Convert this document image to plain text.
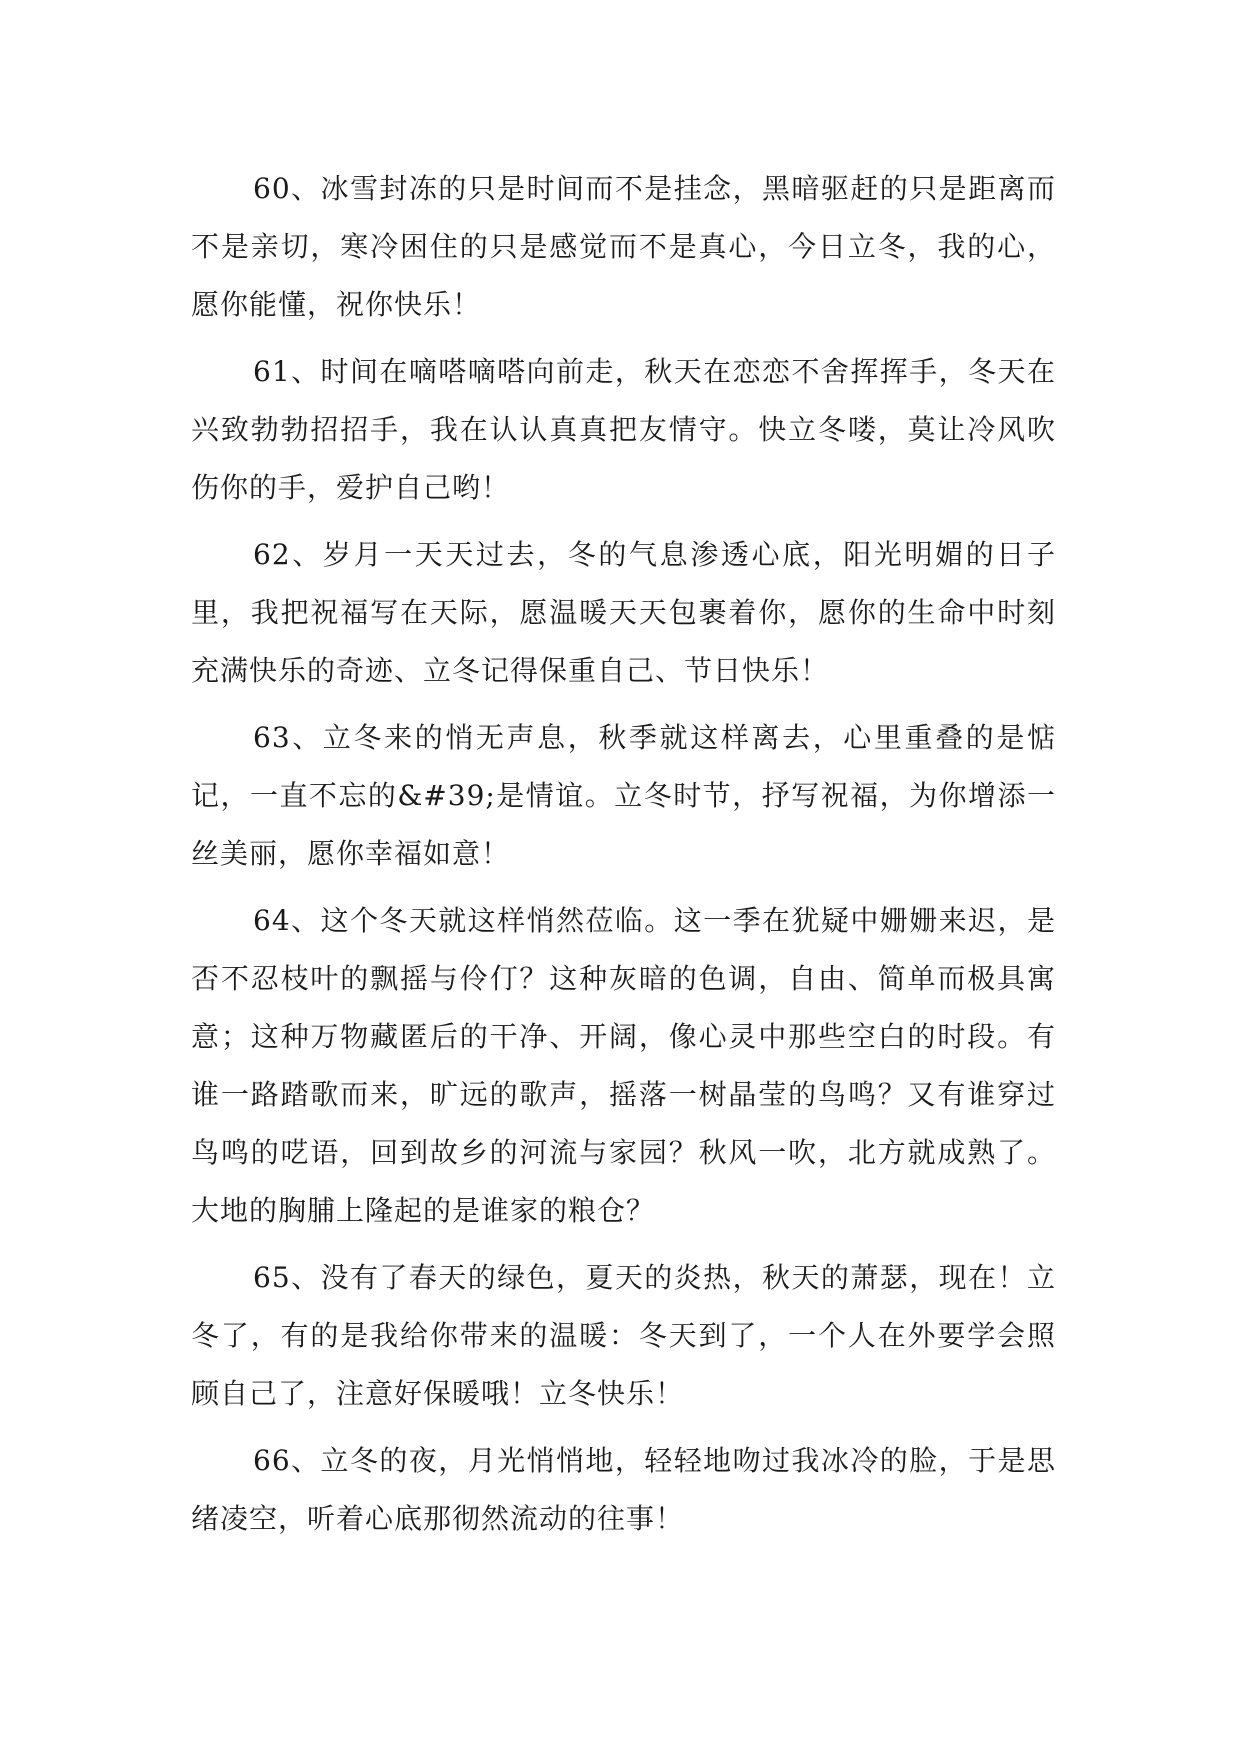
60、冰雪封冻的只是时间而不是挂念，黑暗驱赶的只是距离而不是亲切，寒冷困住的只是感觉而不是真心，今日立冬，我的心，愿你能懂，祝你快乐！

61、时间在嘀嗒嘀嗒向前走，秋天在恋恋不舍挥挥手，冬天在兴致勃勃招招手，我在认认真真把友情守。快立冬喽，莫让冷风吹伤你的手，爱护自己哟！

62、岁月一天天过去，冬的气息渗透心底，阳光明媚的日子里，我把祝福写在天际，愿温暖天天包裹着你，愿你的生命中时刻充满快乐的奇迹、立冬记得保重自己、节日快乐！

63、立冬来的悄无声息，秋季就这样离去，心里重叠的是惦记，一直不忘的&#39;是情谊。立冬时节，抒写祝福，为你增添一丝美丽，愿你幸福如意！

64、这个冬天就这样悄然莅临。这一季在犹疑中姗姗来迟，是否不忍枝叶的飘摇与伶仃？这种灰暗的色调，自由、简单而极具寓意；这种万物藏匿后的干净、开阔，像心灵中那些空白的时段。有谁一路踏歌而来，旷远的歌声，摇落一树晶莹的鸟鸣？又有谁穿过鸟鸣的呓语，回到故乡的河流与家园？秋风一吹，北方就成熟了。大地的胸脯上隆起的是谁家的粮仓？

65、没有了春天的绿色，夏天的炎热，秋天的萧瑟，现在！立冬了，有的是我给你带来的温暖：冬天到了，一个人在外要学会照顾自己了，注意好保暖哦！立冬快乐！

66、立冬的夜，月光悄悄地，轻轻地吻过我冰冷的脸，于是思绪凌空，听着心底那彻然流动的往事！
